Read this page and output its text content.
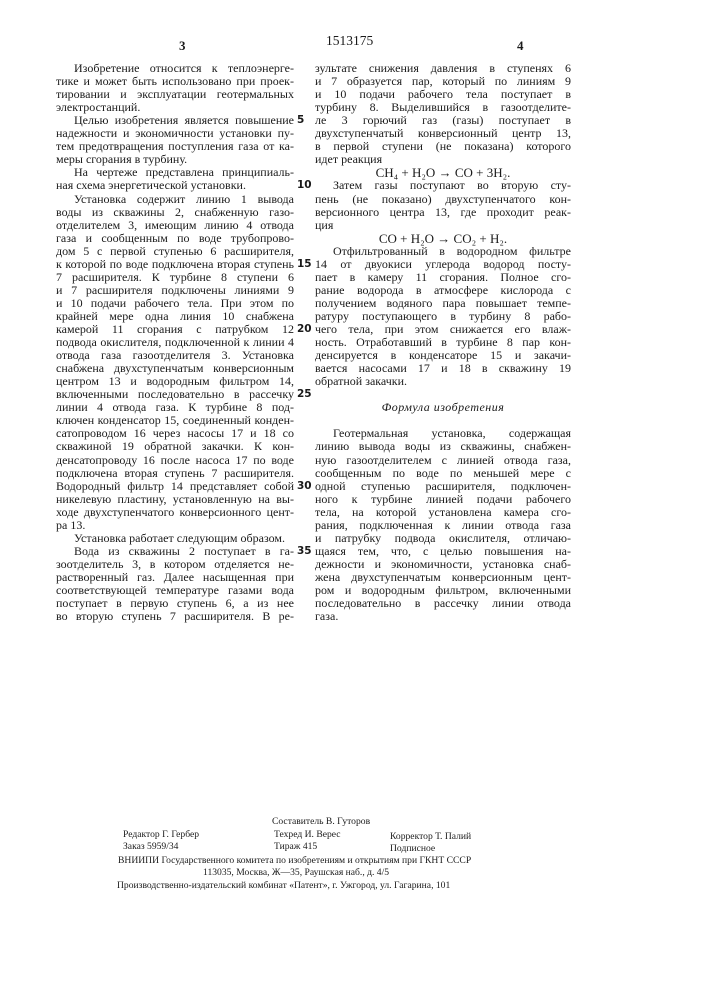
3	1513175	4
Изобретение относится к теплоэнерге-
тике и может быть использовано при проек-
тировании и эксплуатации геотермальных
электростанций.
Целью изобретения является повышение
надежности и экономичности установки пу-
тем предотвращения поступления газа от ка-
меры сгорания в турбину.
На чертеже представлена принципиаль-
ная схема энергетической установки.
Установка содержит линию 1 вывода
воды из скважины 2, снабженную газо-
отделителем 3, имеющим линию 4 отвода
газа и сообщенным по воде трубопрово-
дом 5 с первой ступенью 6 расширителя,
к которой по воде подключена вторая ступень
7 расширителя. К турбине 8 ступени 6
и 7 расширителя подключены линиями 9
и 10 подачи рабочего тела. При этом по
крайней мере одна линия 10 снабжена
камерой 11 сгорания с патрубком 12
подвода окислителя, подключенной к линии 4
отвода газа газоотделителя 3. Установка
снабжена двухступенчатым конверсионным
центром 13 и водородным фильтром 14,
включенными последовательно в рассечку
линии 4 отвода газа. К турбине 8 под-
ключен конденсатор 15, соединенный конден-
сатопроводом 16 через насосы 17 и 18 со
скважиной 19 обратной закачки. К кон-
денсатопроводу 16 после насоса 17 по воде
подключена вторая ступень 7 расширителя.
Водородный фильтр 14 представляет собой
никелевую пластину, установленную на вы-
ходе двухступенчатого конверсионного цент-
ра 13.
Установка работает следующим образом.
Вода из скважины 2 поступает в га-
зоотделитель 3, в котором отделяется не-
растворенный газ. Далее насыщенная при
соответствующей температуре газами вода
поступает в первую ступень 6, а из нее
во вторую ступень 7 расширителя. В ре-
зультате снижения давления в ступенях 6
и 7 образуется пар, который по линиям 9
и 10 подачи рабочего тела поступает в
турбину 8. Выделившийся в газоотделите-
ле 3 горючий газ (газы) поступает в
двухступенчатый конверсионный центр 13,
в первой ступени (не показана) которого
идет реакция
CH₄ + H₂O → CO + 3H₂.
Затем газы поступают во вторую сту-
пень (не показано) двухступенчатого кон-
версионного центра 13, где проходит реак-
ция
CO + H₂O → CO₂ + H₂.
Отфильтрованный в водородном фильтре
14 от двуокиси углерода водород посту-
пает в камеру 11 сгорания. Полное сго-
рание водорода в атмосфере кислорода с
получением водяного пара повышает темпе-
ратуру поступающего в турбину 8 рабо-
чего тела, при этом снижается его влаж-
ность. Отработавший в турбине 8 пар кон-
денсируется в конденсаторе 15 и закачи-
вается насосами 17 и 18 в скважину 19
обратной закачки.
Формула изобретения
Геотермальная установка, содержащая
линию вывода воды из скважины, снабжен-
ную газоотделителем с линией отвода газа,
сообщенным по воде по меньшей мере с
одной ступенью расширителя, подключен-
ного к турбине линией подачи рабочего
тела, на которой установлена камера сго-
рания, подключенная к линии отвода газа
и патрубку подвода окислителя, отличаю-
щаяся тем, что, с целью повышения на-
дежности и экономичности, установка снаб-
жена двухступенчатым конверсионным цент-
ром и водородным фильтром, включенными
последовательно в рассечку линии отвода
газа.
5
10
15
20
25
30
35
Составитель В. Гуторов
Редактор Г. Гербер
Заказ 5959/34
Техред И. Верес
Тираж 415
Корректор Т. Палий
Подписное
ВНИИПИ Государственного комитета по изобретениям и открытиям при ГКНТ СССР
113035, Москва, Ж—35, Раушская наб., д. 4/5
Производственно-издательский комбинат «Патент», г. Ужгород, ул. Гагарина, 101
